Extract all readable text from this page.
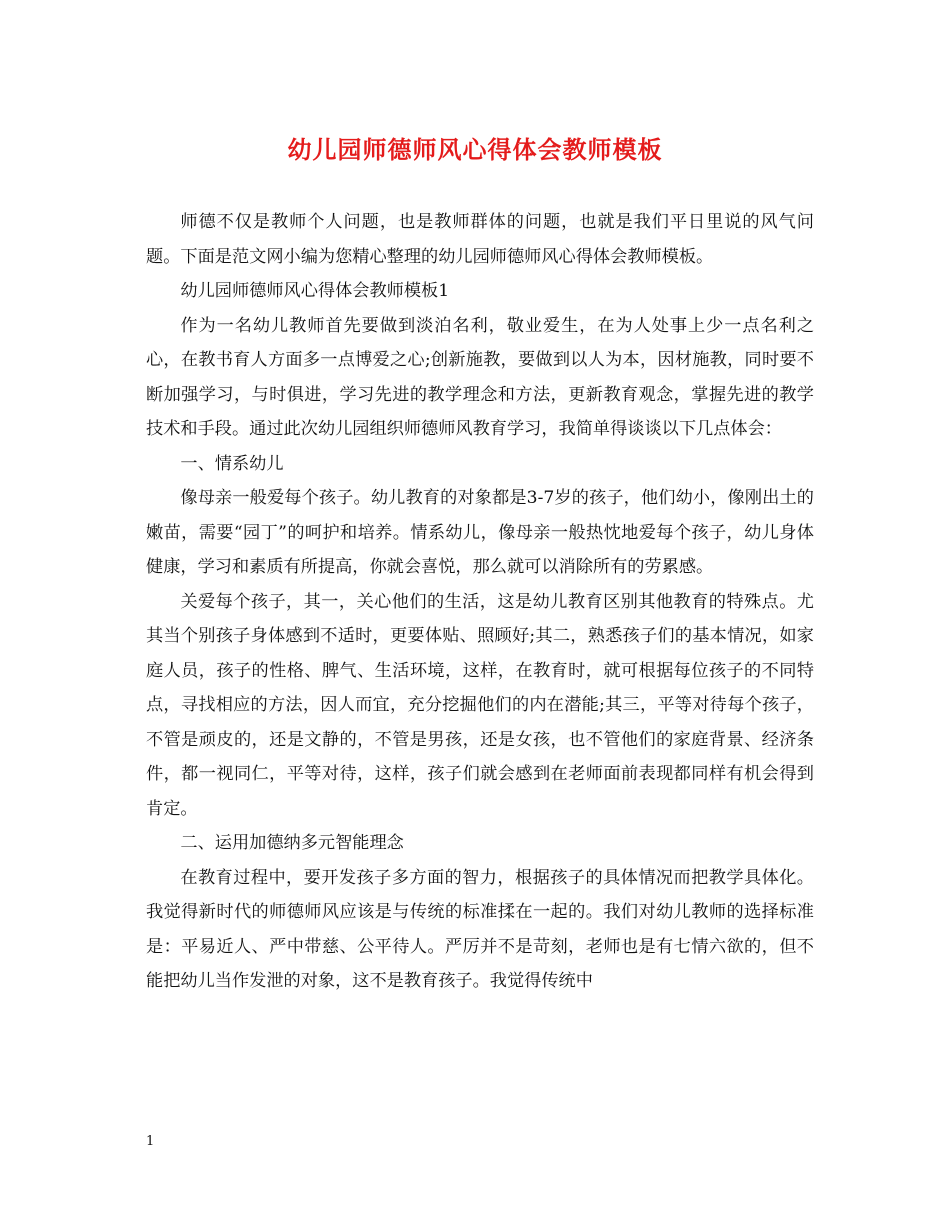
幼儿园师德师风心得体会教师模板

师德不仅是教师个人问题，也是教师群体的问题，也就是我们平日里说的风气问题。下面是范文网小编为您精心整理的幼儿园师德师风心得体会教师模板。

幼儿园师德师风心得体会教师模板1

作为一名幼儿教师首先要做到淡泊名利，敬业爱生，在为人处事上少一点名利之心，在教书育人方面多一点博爱之心;创新施教，要做到以人为本，因材施教，同时要不断加强学习，与时俱进，学习先进的教学理念和方法，更新教育观念，掌握先进的教学技术和手段。通过此次幼儿园组织师德师风教育学习，我简单得谈谈以下几点体会：

一、情系幼儿

像母亲一般爱每个孩子。幼儿教育的对象都是3-7岁的孩子，他们幼小，像刚出土的嫩苗，需要“园丁”的呵护和培养。情系幼儿，像母亲一般热忱地爱每个孩子，幼儿身体健康，学习和素质有所提高，你就会喜悦，那么就可以消除所有的劳累感。

关爱每个孩子，其一，关心他们的生活，这是幼儿教育区别其他教育的特殊点。尤其当个别孩子身体感到不适时，更要体贴、照顾好;其二，熟悉孩子们的基本情况，如家庭人员，孩子的性格、脾气、生活环境，这样，在教育时，就可根据每位孩子的不同特点，寻找相应的方法，因人而宜，充分挖掘他们的内在潜能;其三，平等对待每个孩子，不管是顽皮的，还是文静的，不管是男孩，还是女孩，也不管他们的家庭背景、经济条件，都一视同仁，平等对待，这样，孩子们就会感到在老师面前表现都同样有机会得到肯定。

二、运用加德纳多元智能理念

在教育过程中，要开发孩子多方面的智力，根据孩子的具体情况而把教学具体化。我觉得新时代的师德师风应该是与传统的标准揉在一起的。我们对幼儿教师的选择标准是：平易近人、严中带慈、公平待人。严厉并不是苛刻，老师也是有七情六欲的，但不能把幼儿当作发泄的对象，这不是教育孩子。我觉得传统中

1
